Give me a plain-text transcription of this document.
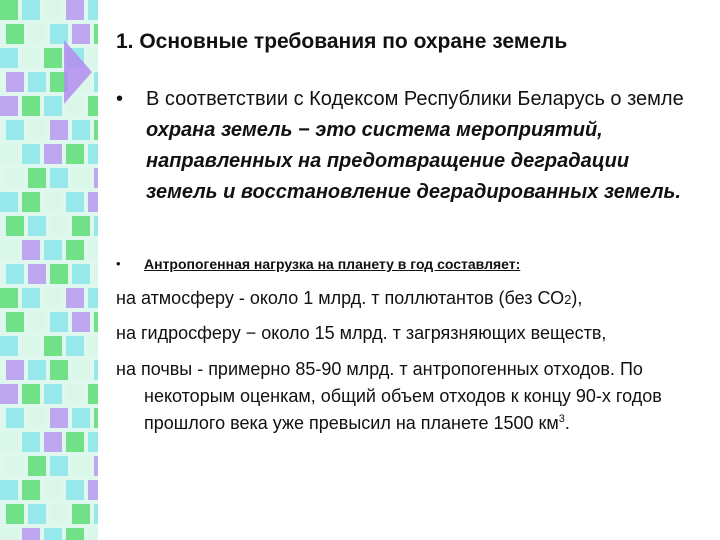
1. Основные требования по охране земель
• В соответствии с Кодексом Республики Беларусь о земле охрана земель − это система мероприятий, направленных на предотвращение деградации земель и восстановление деградированных земель.
• Антропогенная нагрузка на планету в год составляет:
на атмосферу - около 1 млрд. т поллютантов (без СО2),
на гидросферу − около 15 млрд. т загрязняющих веществ,
на почвы - примерно 85-90 млрд. т антропогенных отходов. По некоторым оценкам, общий объем отходов к концу 90-х годов прошлого века уже превысил на планете 1500 $км^3$.
